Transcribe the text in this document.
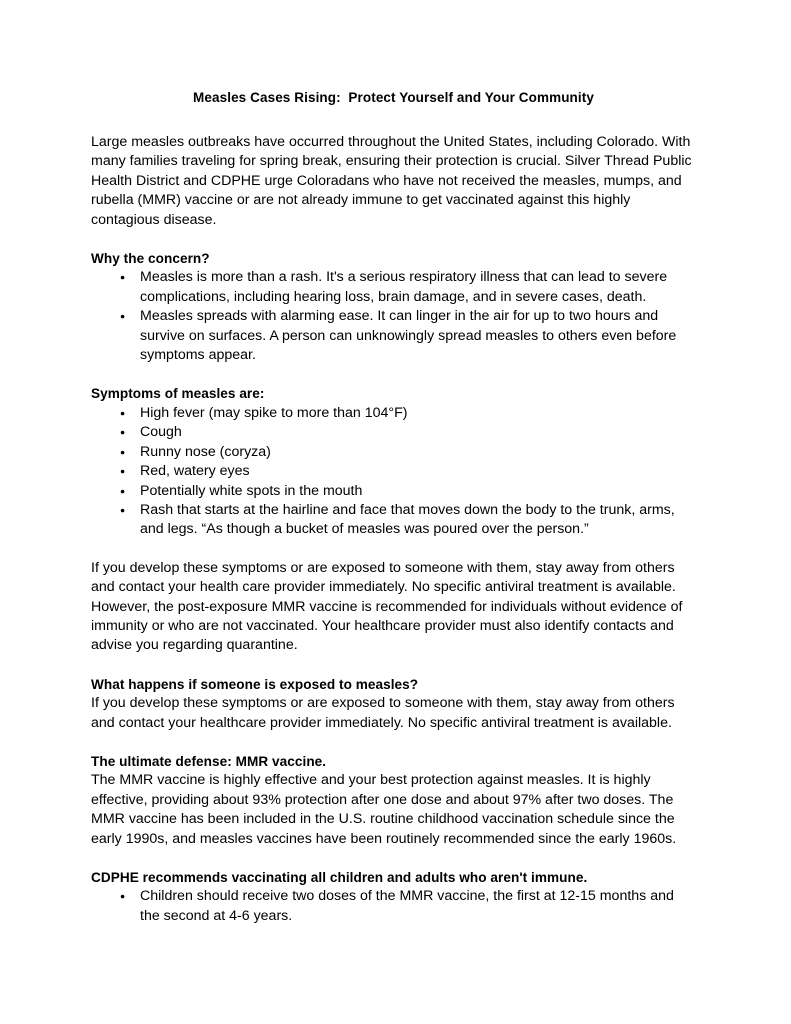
Measles Cases Rising:  Protect Yourself and Your Community

Large measles outbreaks have occurred throughout the United States, including Colorado. With many families traveling for spring break, ensuring their protection is crucial. Silver Thread Public Health District and CDPHE urge Coloradans who have not received the measles, mumps, and rubella (MMR) vaccine or are not already immune to get vaccinated against this highly contagious disease.

Why the concern?
● Measles is more than a rash. It's a serious respiratory illness that can lead to severe complications, including hearing loss, brain damage, and in severe cases, death.
● Measles spreads with alarming ease. It can linger in the air for up to two hours and survive on surfaces. A person can unknowingly spread measles to others even before symptoms appear.
Symptoms of measles are:
● High fever (may spike to more than 104°F)
● Cough
● Runny nose (coryza)
● Red, watery eyes
● Potentially white spots in the mouth
● Rash that starts at the hairline and face that moves down the body to the trunk, arms, and legs. “As though a bucket of measles was poured over the person.”

If you develop these symptoms or are exposed to someone with them, stay away from others and contact your health care provider immediately. No specific antiviral treatment is available. However, the post-exposure MMR vaccine is recommended for individuals without evidence of immunity or who are not vaccinated. Your healthcare provider must also identify contacts and advise you regarding quarantine.

What happens if someone is exposed to measles?

If you develop these symptoms or are exposed to someone with them, stay away from others and contact your healthcare provider immediately. No specific antiviral treatment is available.

The ultimate defense: MMR vaccine.

The MMR vaccine is highly effective and your best protection against measles. It is highly effective, providing about 93% protection after one dose and about 97% after two doses. The MMR vaccine has been included in the U.S. routine childhood vaccination schedule since the early 1990s, and measles vaccines have been routinely recommended since the early 1960s.

CDPHE recommends vaccinating all children and adults who aren't immune.
● Children should receive two doses of the MMR vaccine, the first at 12-15 months and the second at 4-6 years.
